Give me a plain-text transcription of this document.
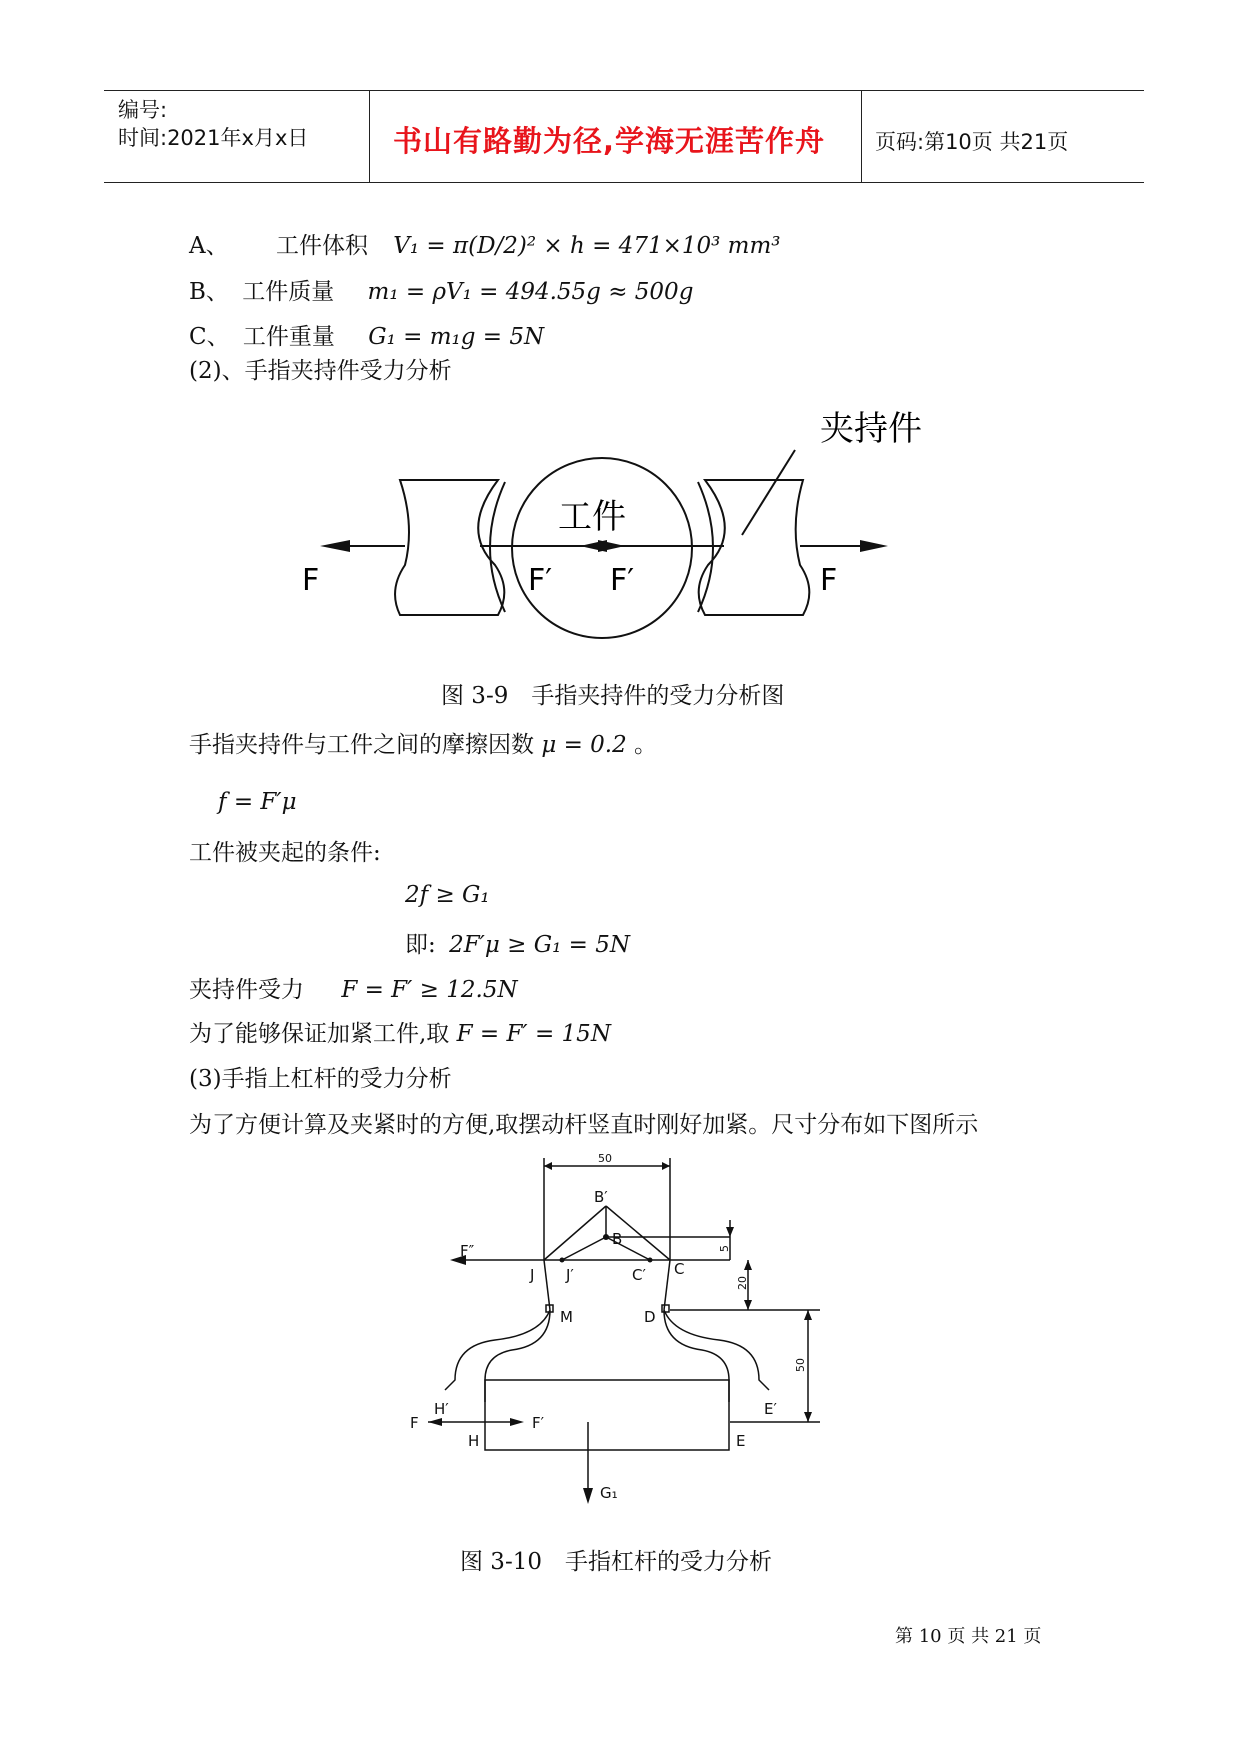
编号:
时间:2021年x月x日	书山有路勤为径,学海无涯苦作舟 页码:第10页 共21页
A、 工件体积 V₁ = π(D/2)² × h = 471×10³ mm³
B、 工件质量 m₁ = ρV₁ = 494.55g ≈ 500g
C、 工件重量 G₁ = m₁g = 5N
(2)、手指夹持件受力分析
夹持件
工件
F	F′ F′	F
图 3-9　手指夹持件的受力分析图
手指夹持件与工件之间的摩擦因数 μ = 0.2 。
f = F′μ
工件被夹起的条件:
2f ≥ G₁
即: 2F′μ ≥ G₁ = 5N
夹持件受力 F = F′ ≥ 12.5N
为了能够保证加紧工件,取 F = F′ = 15N
(3)手指上杠杆的受力分析
为了方便计算及夹紧时的方便,取摆动杆竖直时刚好加紧。尺寸分布如下图所示
50
5
20
50
B′
B
F″
J J′	C′ C
M	D
H′	E′
F
H
F′
E
G₁
图 3-10　手指杠杆的受力分析
第 10 页 共 21 页
